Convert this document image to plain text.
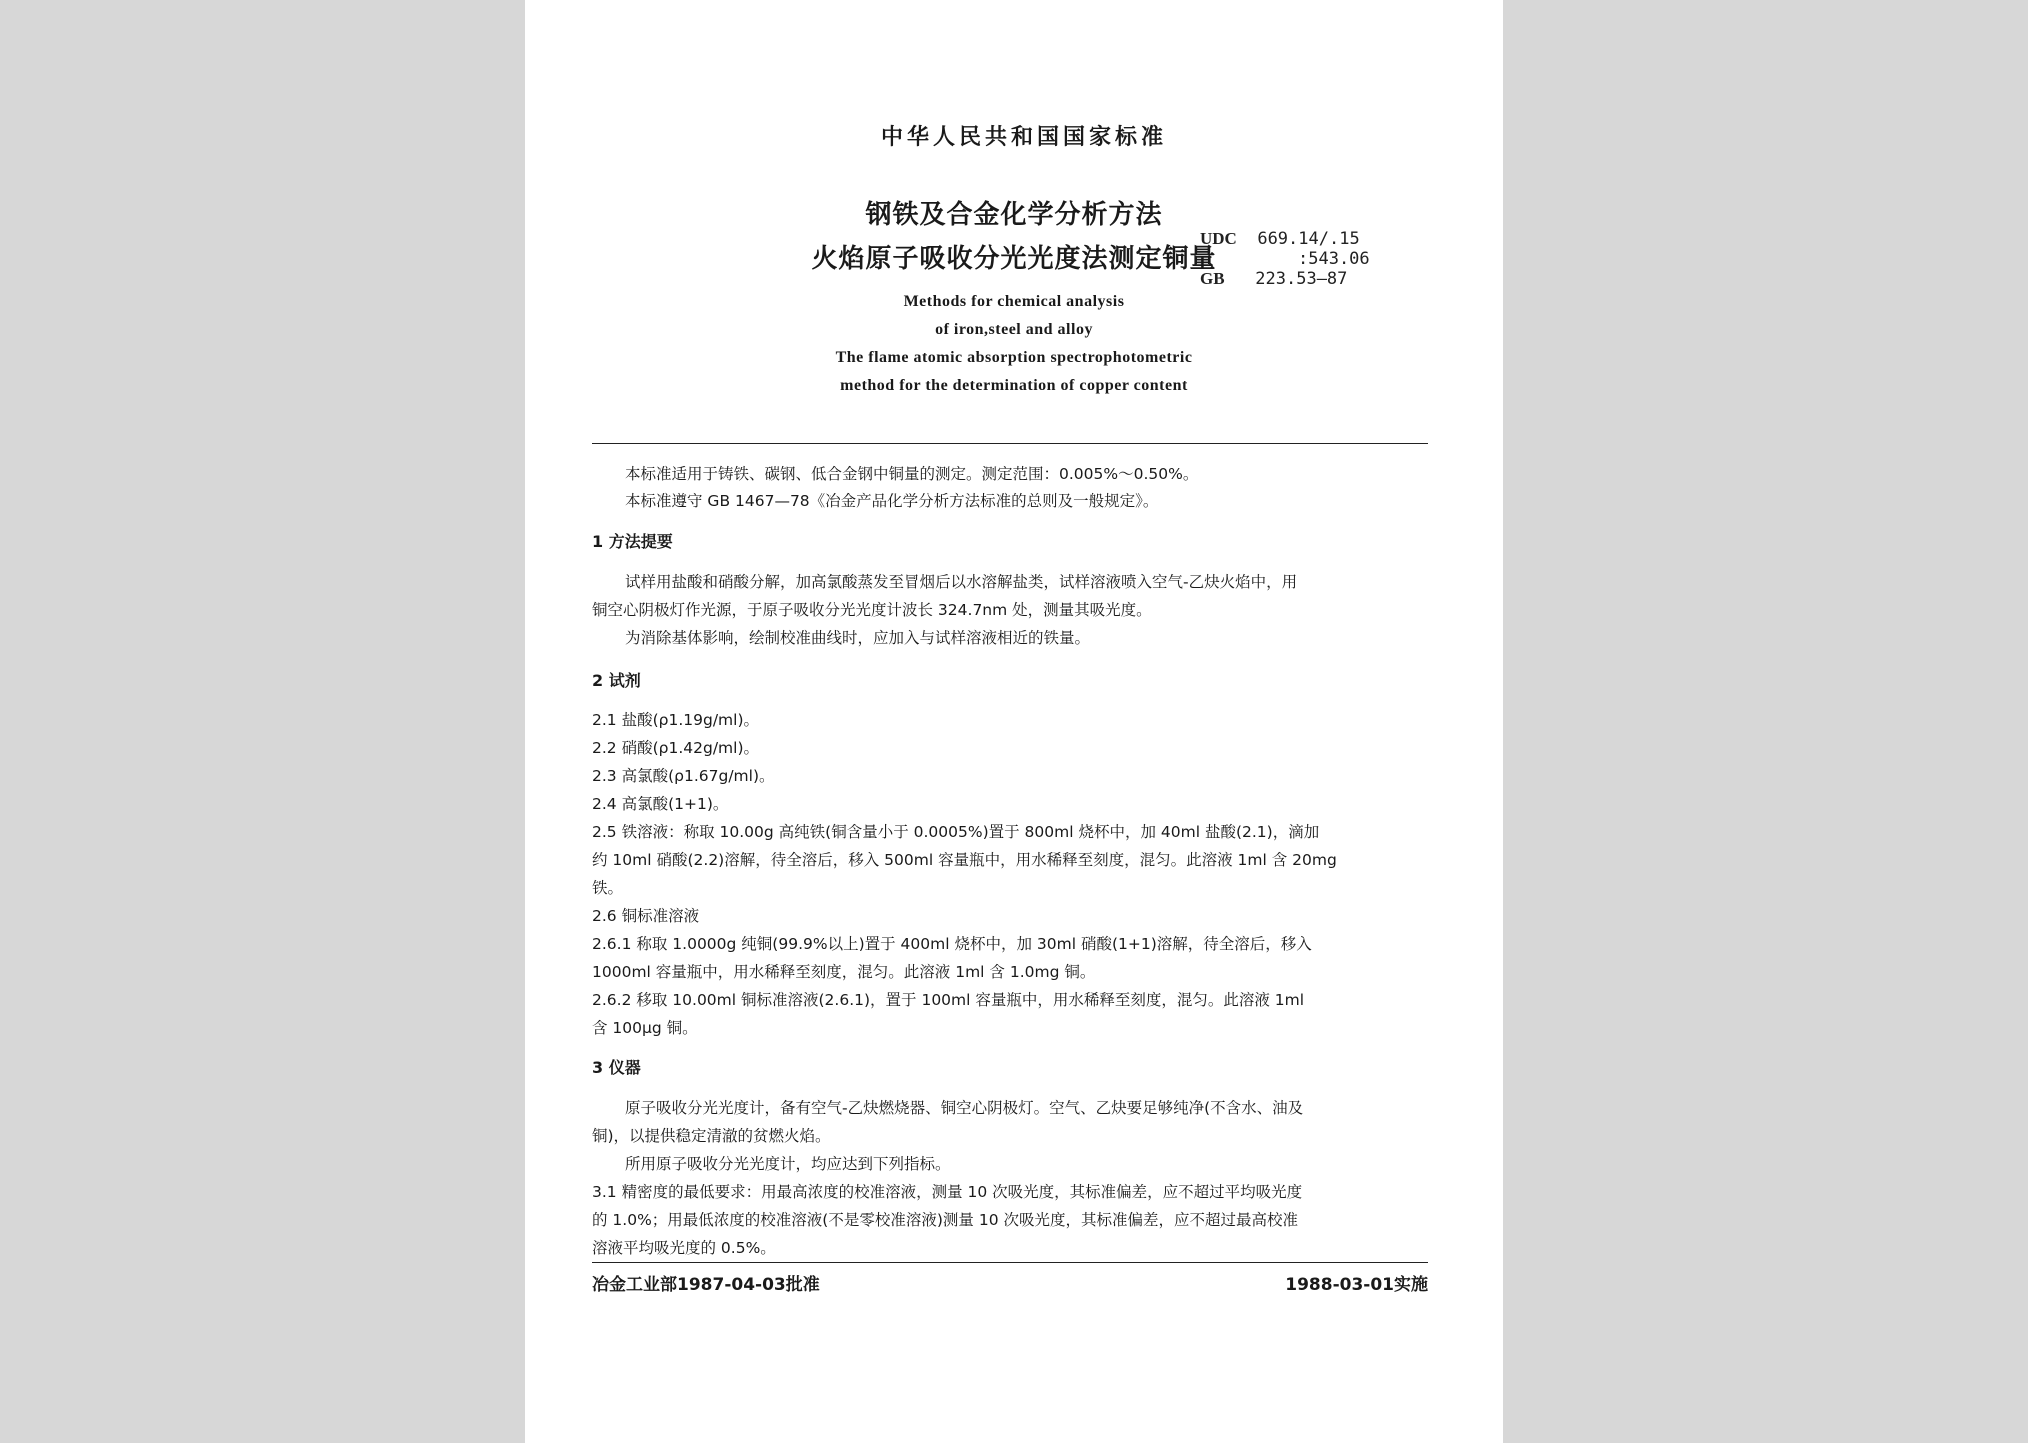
中华人民共和国国家标准
钢铁及合金化学分析方法
火焰原子吸收分光光度法测定铜量
UDC 669.14/.15
:543.06
GB 223.53—87
Methods for chemical analysis
of iron,steel and alloy
The flame atomic absorption spectrophotometric
method for the determination of copper content
本标准适用于铸铁、碳钢、低合金钢中铜量的测定。测定范围：0.005%～0.50%。
本标准遵守 GB 1467—78《冶金产品化学分析方法标准的总则及一般规定》。
1 方法提要
试样用盐酸和硝酸分解，加高氯酸蒸发至冒烟后以水溶解盐类，试样溶液喷入空气-乙炔火焰中，用
铜空心阴极灯作光源，于原子吸收分光光度计波长 324.7nm 处，测量其吸光度。
为消除基体影响，绘制校准曲线时，应加入与试样溶液相近的铁量。
2 试剂
2.1 盐酸(ρ1.19g/ml)。
2.2 硝酸(ρ1.42g/ml)。
2.3 高氯酸(ρ1.67g/ml)。
2.4 高氯酸(1+1)。
2.5 铁溶液：称取 10.00g 高纯铁(铜含量小于 0.0005%)置于 800ml 烧杯中，加 40ml 盐酸(2.1)，滴加
约 10ml 硝酸(2.2)溶解，待全溶后，移入 500ml 容量瓶中，用水稀释至刻度，混匀。此溶液 1ml 含 20mg
铁。
2.6 铜标准溶液
2.6.1 称取 1.0000g 纯铜(99.9%以上)置于 400ml 烧杯中，加 30ml 硝酸(1+1)溶解，待全溶后，移入
1000ml 容量瓶中，用水稀释至刻度，混匀。此溶液 1ml 含 1.0mg 铜。
2.6.2 移取 10.00ml 铜标准溶液(2.6.1)，置于 100ml 容量瓶中，用水稀释至刻度，混匀。此溶液 1ml
含 100μg 铜。
3 仪器
原子吸收分光光度计，备有空气-乙炔燃烧器、铜空心阴极灯。空气、乙炔要足够纯净(不含水、油及
铜)，以提供稳定清澈的贫燃火焰。
所用原子吸收分光光度计，均应达到下列指标。
3.1 精密度的最低要求：用最高浓度的校准溶液，测量 10 次吸光度，其标准偏差，应不超过平均吸光度
的 1.0%；用最低浓度的校准溶液(不是零校准溶液)测量 10 次吸光度，其标准偏差，应不超过最高校准
溶液平均吸光度的 0.5%。
冶金工业部1987-04-03批准	1988-03-01实施
